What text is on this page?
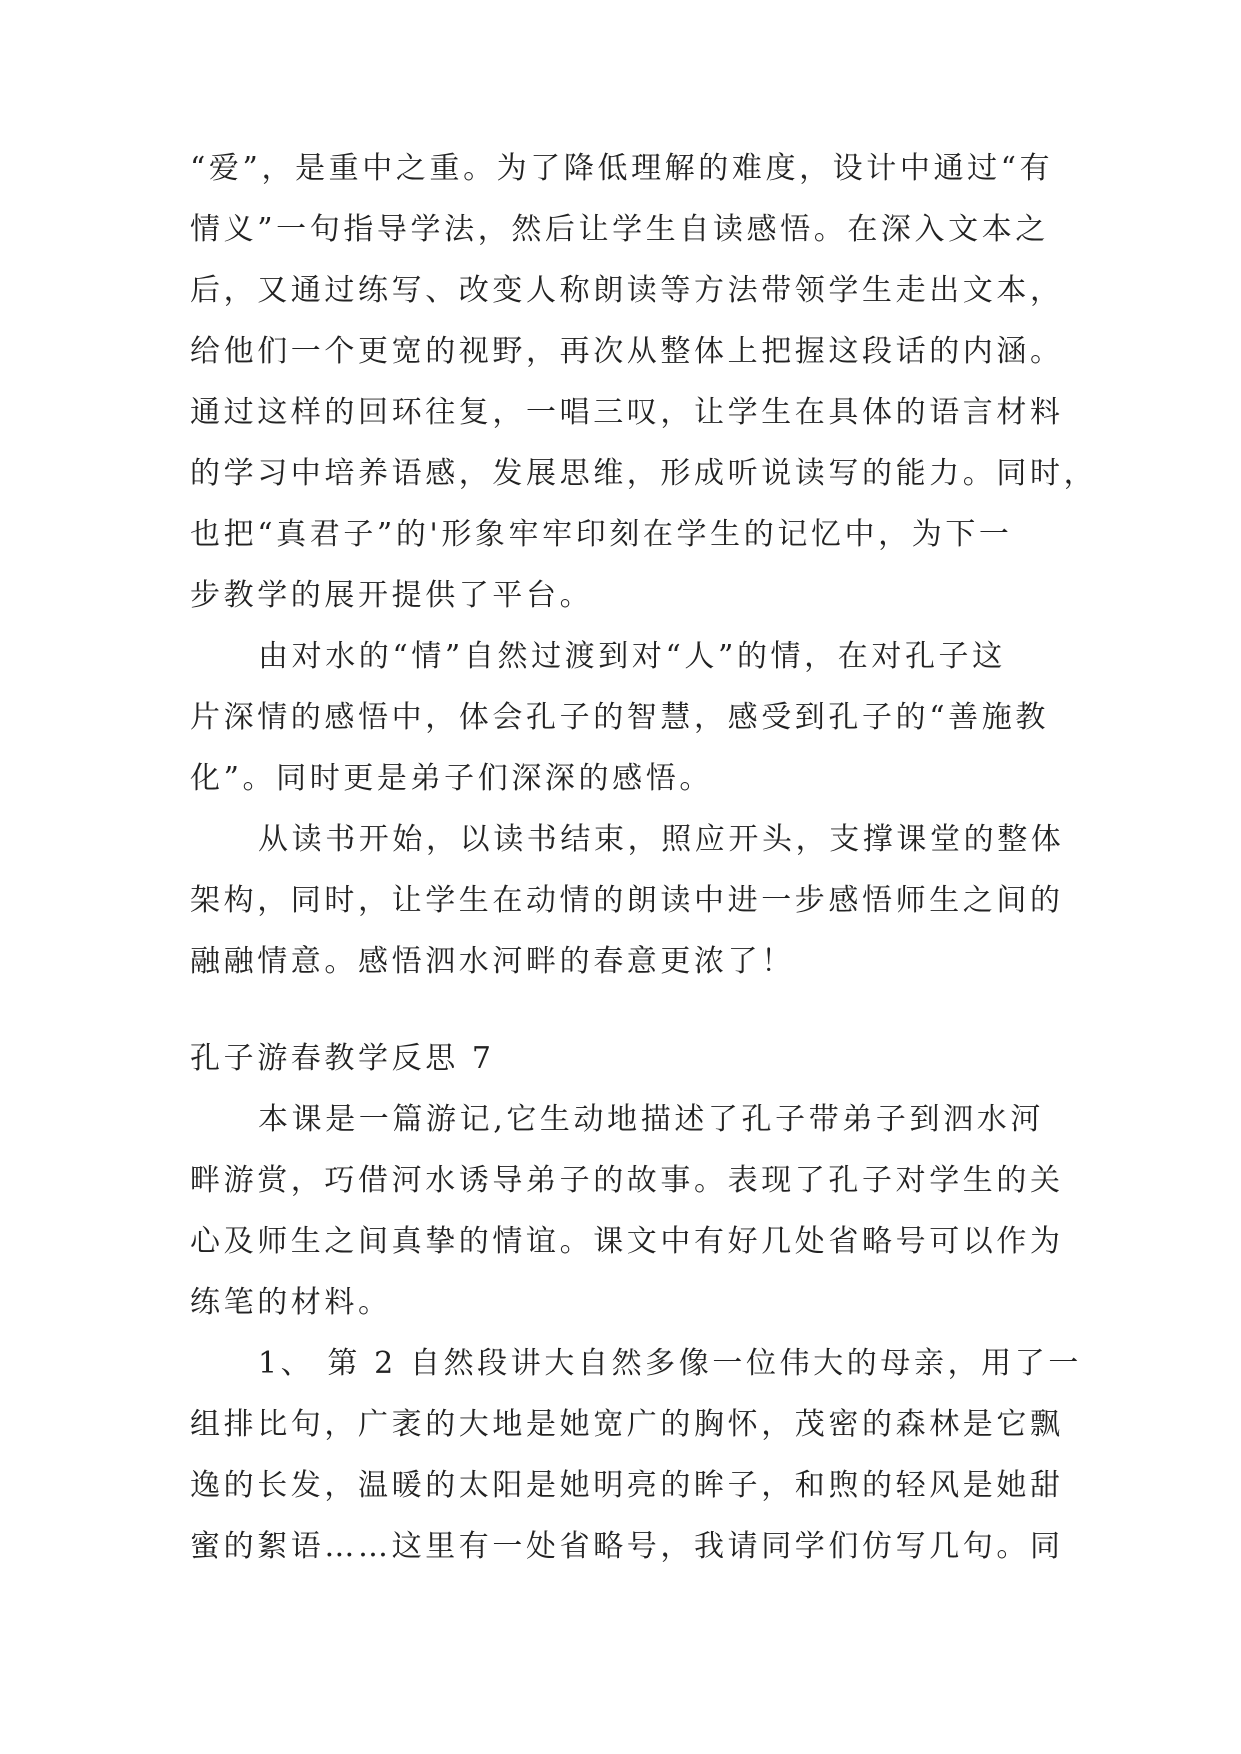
“爱”，是重中之重。为了降低理解的难度，设计中通过“有
情义”一句指导学法，然后让学生自读感悟。在深入文本之
后，又通过练写、改变人称朗读等方法带领学生走出文本，
给他们一个更宽的视野，再次从整体上把握这段话的内涵。
通过这样的回环往复，一唱三叹，让学生在具体的语言材料
的学习中培养语感，发展思维，形成听说读写的能力。同时，
也把“真君子”的'形象牢牢印刻在学生的记忆中，为下一
步教学的展开提供了平台。
由对水的“情”自然过渡到对“人”的情，在对孔子这
片深情的感悟中，体会孔子的智慧，感受到孔子的“善施教
化”。同时更是弟子们深深的感悟。
从读书开始，以读书结束，照应开头，支撑课堂的整体
架构，同时，让学生在动情的朗读中进一步感悟师生之间的
融融情意。感悟泗水河畔的春意更浓了！
孔子游春教学反思 7
本课是一篇游记,它生动地描述了孔子带弟子到泗水河
畔游赏，巧借河水诱导弟子的故事。表现了孔子对学生的关
心及师生之间真挚的情谊。课文中有好几处省略号可以作为
练笔的材料。
1、 第 2 自然段讲大自然多像一位伟大的母亲，用了一
组排比句，广袤的大地是她宽广的胸怀，茂密的森林是它飘
逸的长发，温暖的太阳是她明亮的眸子，和煦的轻风是她甜
蜜的絮语……这里有一处省略号，我请同学们仿写几句。同
